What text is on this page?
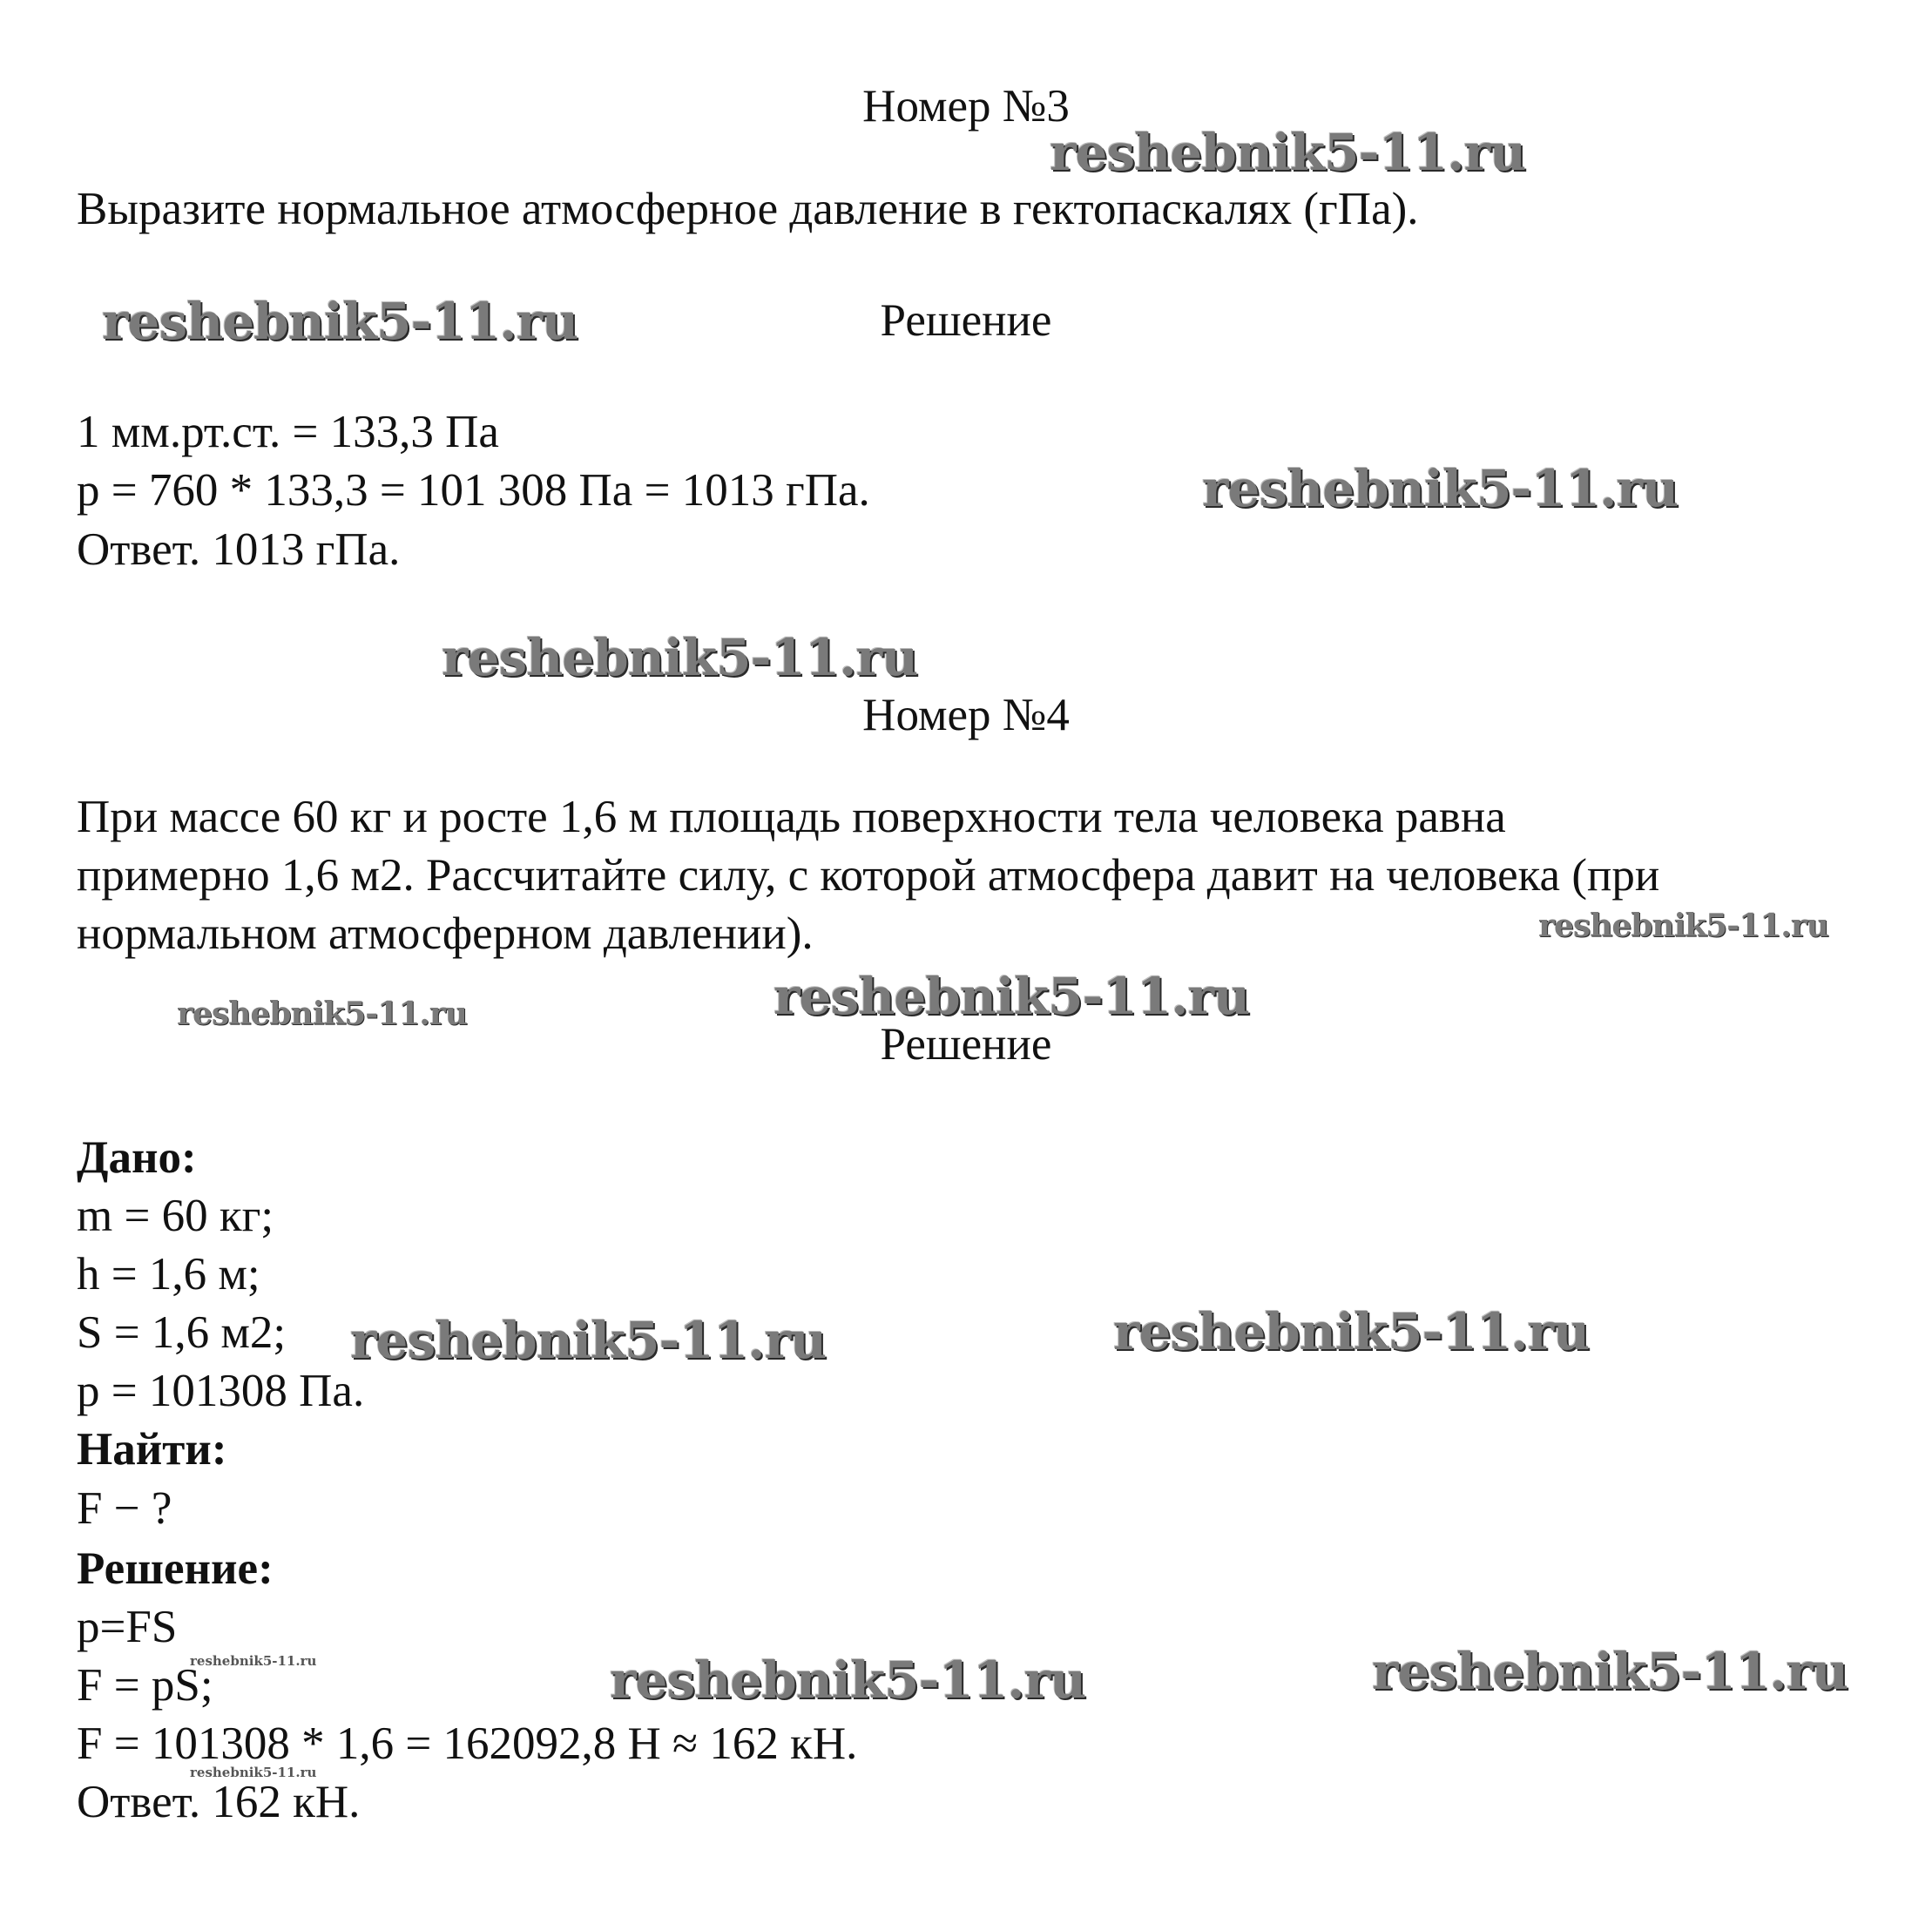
Номер №3
Выразите нормальное атмосферное давление в гектопаскалях (гПа).
Решение
1 мм.рт.ст. = 133,3 Па
p = 760 * 133,3 = 101 308 Па = 1013 гПа.
Ответ. 1013 гПа.
Номер №4
При массе 60 кг и росте 1,6 м площадь поверхности тела человека равна
примерно 1,6 м2. Рассчитайте силу, с которой атмосфера давит на человека (при
нормальном атмосферном давлении).
Решение
Дано:
m = 60 кг;
h = 1,6 м;
S = 1,6 м2;
p = 101308 Па.
Найти:
F − ?
Решение:
p=FS
F = pS;
F = 101308 * 1,6 = 162092,8 Н ≈ 162 кН.
Ответ. 162 кН.
reshebnik5-11.ru
reshebnik5-11.ru
reshebnik5-11.ru
reshebnik5-11.ru
reshebnik5-11.ru
reshebnik5-11.ru
reshebnik5-11.ru
reshebnik5-11.ru	reshebnik5-11.ru
reshebnik5-11.ru
reshebnik5-11.ru
reshebnik5-11.ru
reshebnik5-11.ru
